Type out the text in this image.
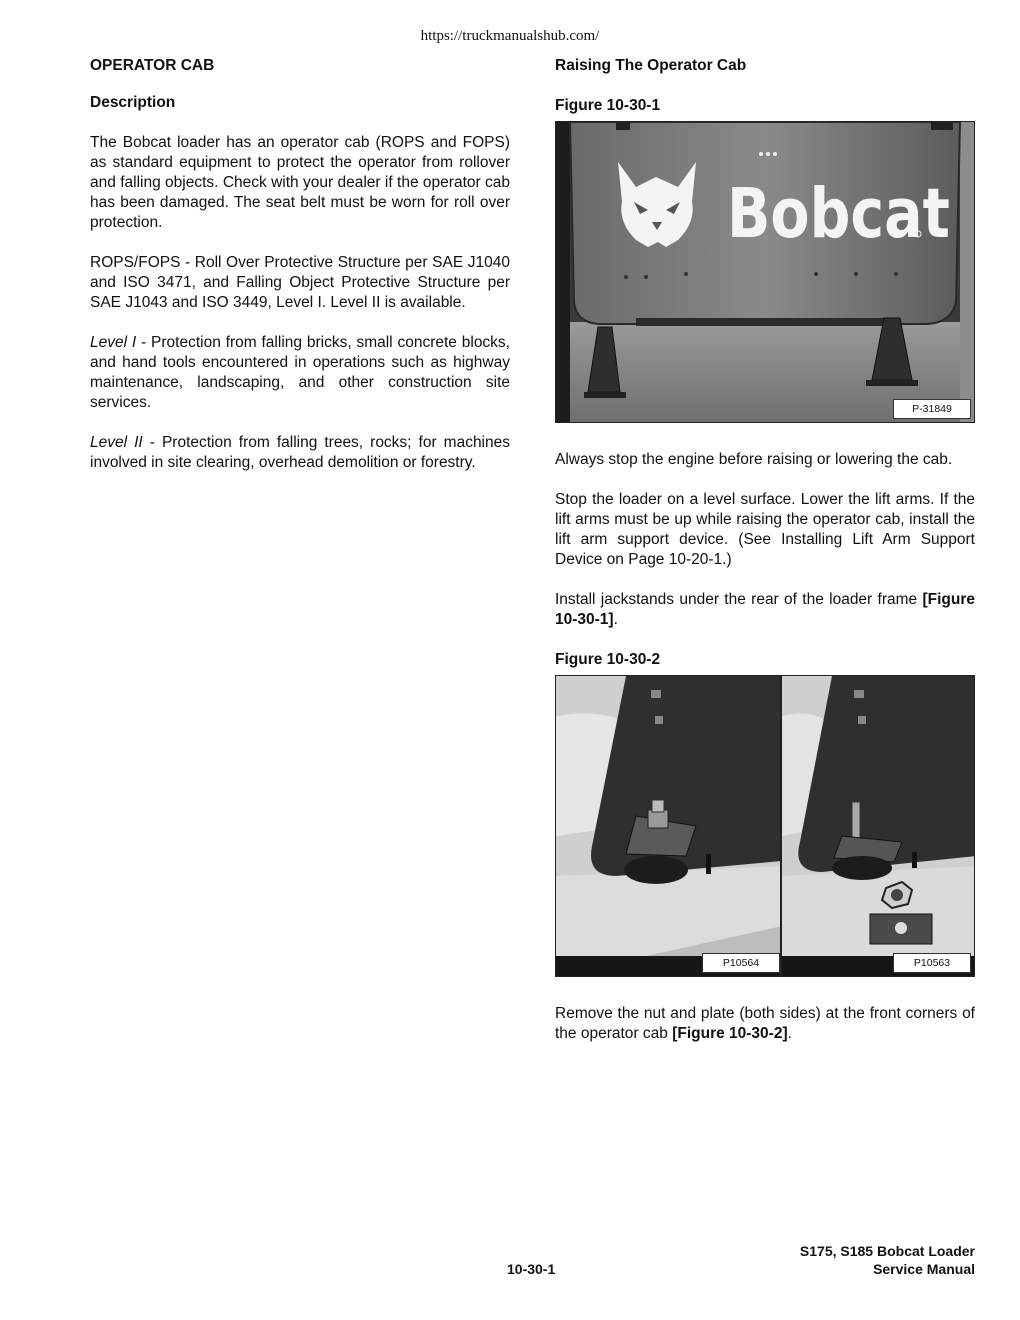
https://truckmanualshub.com/
OPERATOR CAB
Description

The Bobcat loader has an operator cab (ROPS and FOPS) as standard equipment to protect the operator from rollover and falling objects. Check with your dealer if the operator cab has been damaged. The seat belt must be worn for roll over protection.

ROPS/FOPS - Roll Over Protective Structure per SAE J1040 and ISO 3471, and Falling Object Protective Structure per SAE J1043 and ISO 3449, Level I. Level II is available.

Level I - Protection from falling bricks, small concrete blocks, and hand tools encountered in operations such as highway maintenance, landscaping, and other construction site services.

Level II - Protection from falling trees, rocks; for machines involved in site clearing, overhead demolition or forestry.

Raising The Operator Cab
Figure 10-30-1
Bobcat
P-31849

Always stop the engine before raising or lowering the cab.

Stop the loader on a level surface. Lower the lift arms. If the lift arms must be up while raising the operator cab, install the lift arm support device. (See Installing Lift Arm Support Device on Page 10-20-1.)

Install jackstands under the rear of the loader frame [Figure 10-30-1].

Figure 10-30-2
P10564	P10563

Remove the nut and plate (both sides) at the front corners of the operator cab [Figure 10-30-2].

10-30-1
S175, S185 Bobcat Loader
Service Manual
